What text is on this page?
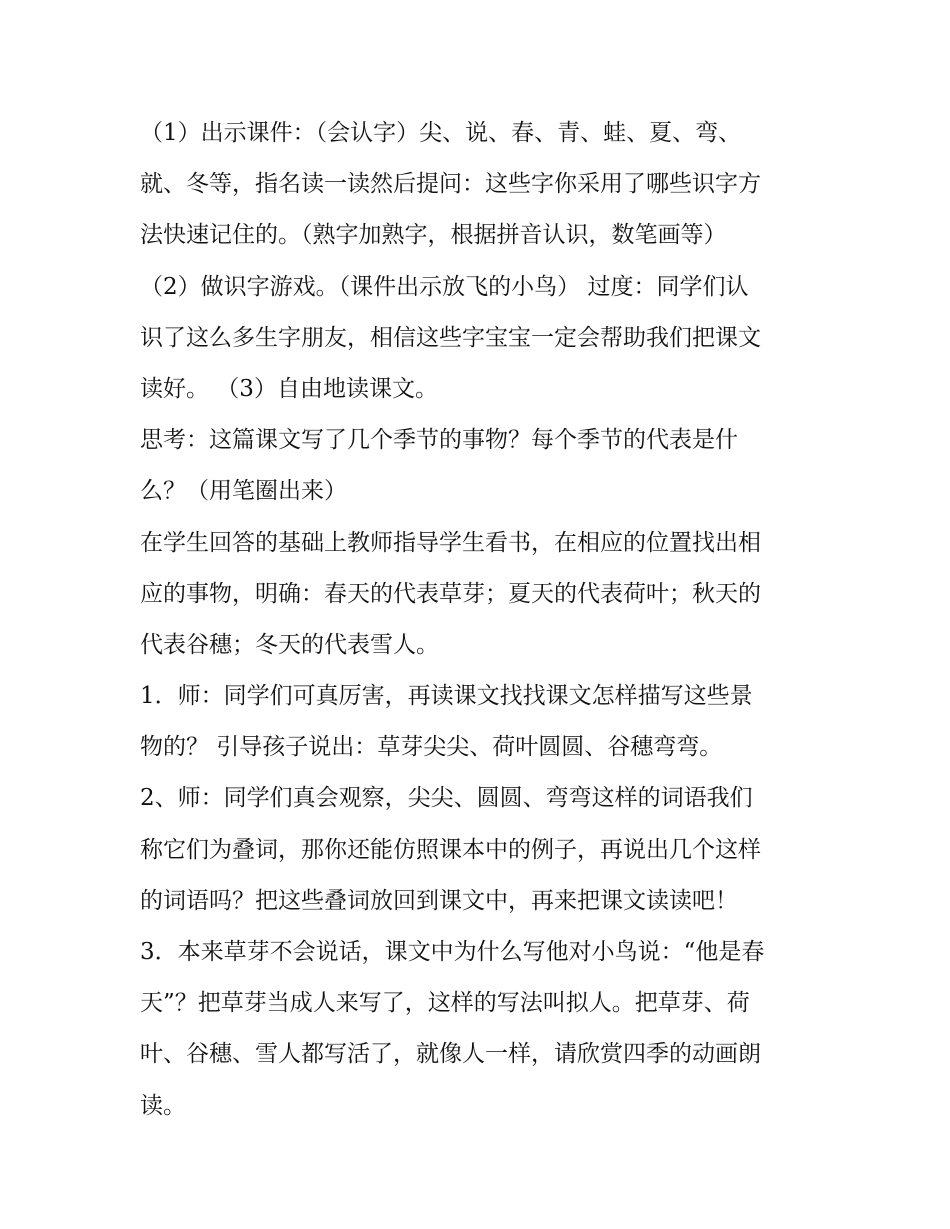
（1）出示课件：（会认字）尖、说、春、青、蛙、夏、弯、
就、冬等，指名读一读然后提问：这些字你采用了哪些识字方
法快速记住的。（熟字加熟字，根据拼音认识，数笔画等）
（2）做识字游戏。（课件出示放飞的小鸟） 过度：同学们认
识了这么多生字朋友，相信这些字宝宝一定会帮助我们把课文
读好。 （3）自由地读课文。
思考：这篇课文写了几个季节的事物？每个季节的代表是什
么？（用笔圈出来）
在学生回答的基础上教师指导学生看书，在相应的位置找出相
应的事物，明确：春天的代表草芽；夏天的代表荷叶；秋天的
代表谷穗；冬天的代表雪人。
1．师：同学们可真厉害，再读课文找找课文怎样描写这些景
物的？ 引导孩子说出：草芽尖尖、荷叶圆圆、谷穗弯弯。
2、师：同学们真会观察，尖尖、圆圆、弯弯这样的词语我们
称它们为叠词，那你还能仿照课本中的例子，再说出几个这样
的词语吗？把这些叠词放回到课文中，再来把课文读读吧！
3．本来草芽不会说话，课文中为什么写他对小鸟说：“他是春
天”？把草芽当成人来写了，这样的写法叫拟人。把草芽、荷
叶、谷穗、雪人都写活了，就像人一样，请欣赏四季的动画朗
读。
